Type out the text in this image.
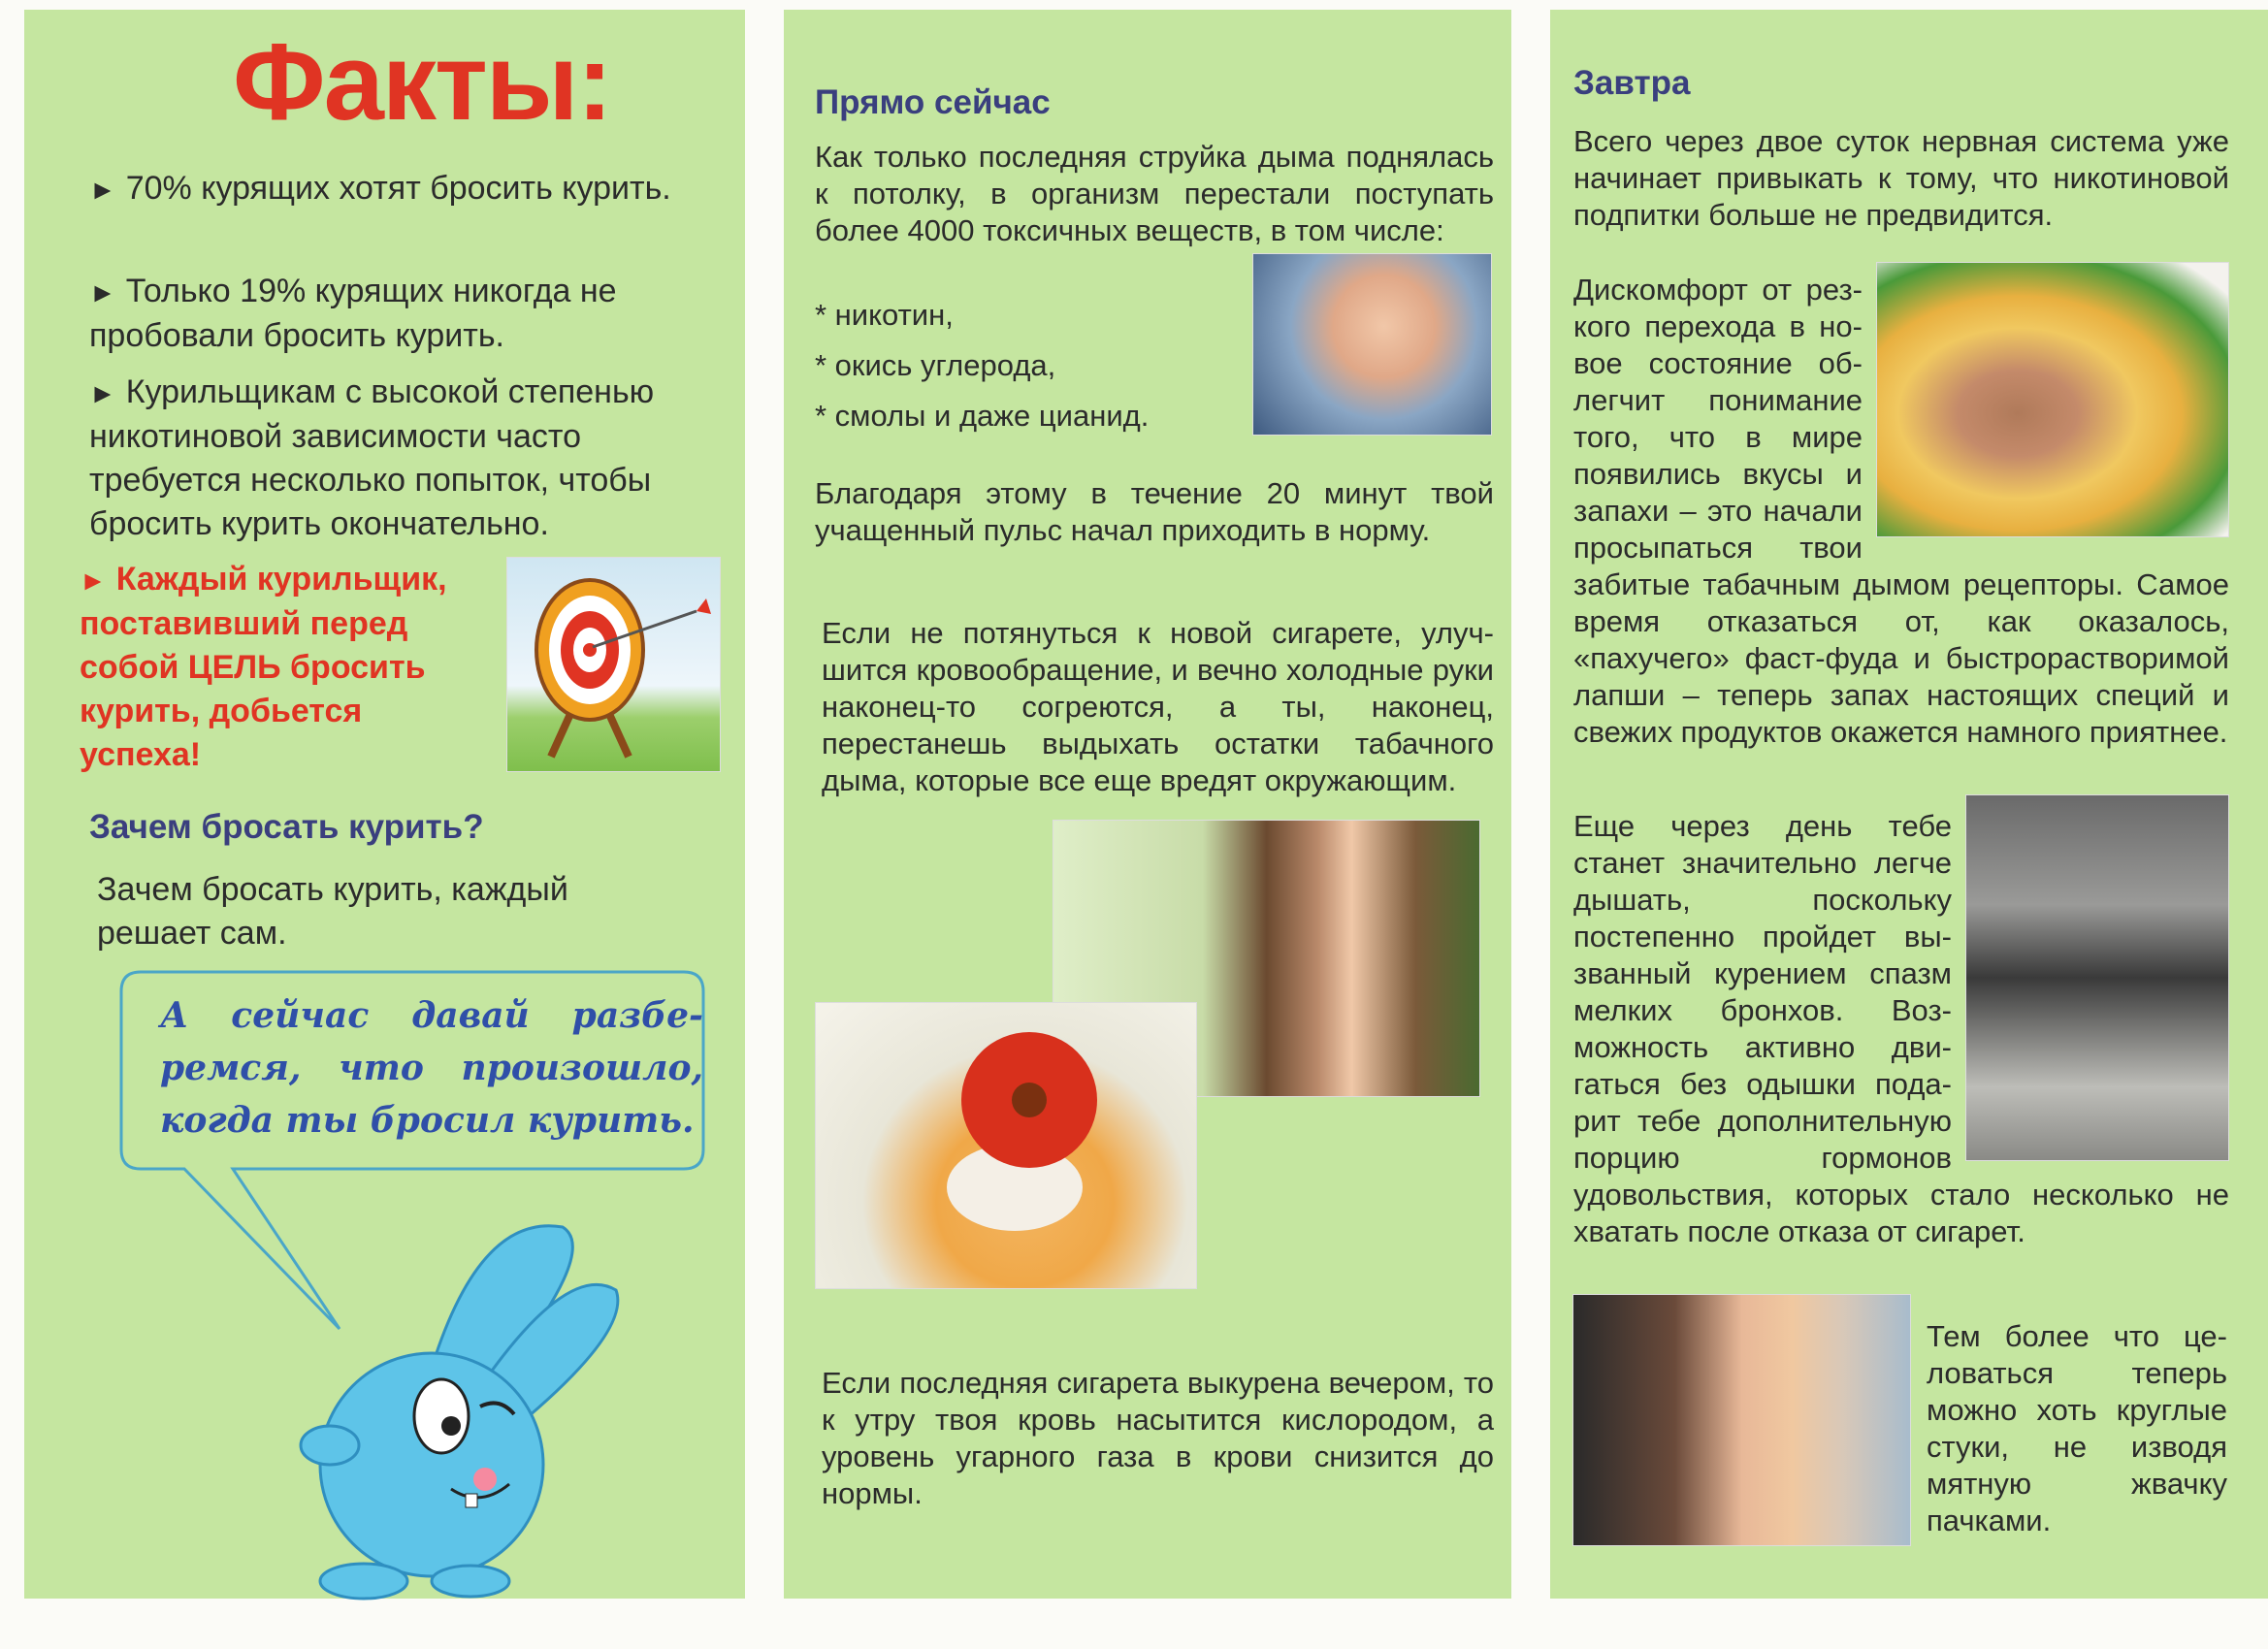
Факты:
► 70% курящих хотят бросить курить.
► Только 19% курящих никогда не пробовали бросить курить.
► Курильщикам с высокой степенью никотиновой зависимости часто требуется несколько попыток, чтобы бросить курить окончательно.
► Каждый курильщик, поставивший перед собой ЦЕЛЬ бросить курить, добьется успеха!
Зачем бросать курить?
Зачем бросать курить, каждый решает сам.
А сейчас давай разберемся, что произошло, когда ты бросил курить.
Прямо сейчас
Как только последняя струйка дыма поднялась к потолку, в организм перестали поступать более 4000 токсичных веществ, в том числе:

* никотин,

* окись углерода,

* смолы и даже цианид.

Благодаря этому в течение 20 минут твой учащенный пульс начал приходить в норму.
Если не потянуться к новой сигарете, улучшится кровообращение, и вечно холодные руки наконец-то согреются, а ты, наконец, перестанешь выдыхать остатки табачного дыма, которые все еще вредят окружающим.
Если последняя сигарета выкурена вечером, то к утру твоя кровь насытится кислородом, а уровень угарного газа в крови снизится до нормы.
Завтра
Всего через двое суток нервная система уже начинает привыкать к тому, что никотиновой подпитки больше не предвидится.

Дискомфорт от резкого перехода в новое состояние облегчит понимание того, что в мире появились вкусы и запахи – это начали просыпаться твои забитые табачным дымом рецепторы. Самое время отказаться от, как оказалось, «пахучего» фаст-фуда и быстрорастворимой лапши – теперь запах настоящих специй и свежих продуктов окажется намного приятнее.

Еще через день тебе станет значительно легче дышать, поскольку постепенно пройдет вызванный курением спазм мелких бронхов. Возможность активно двигаться без одышки подарит тебе дополнительную порцию гормонов удовольствия, которых стало несколько не хватать после отказа от сигарет.

Тем более что целоваться теперь можно хоть круглые стуки, не изводя мятную жвачку пачками.
